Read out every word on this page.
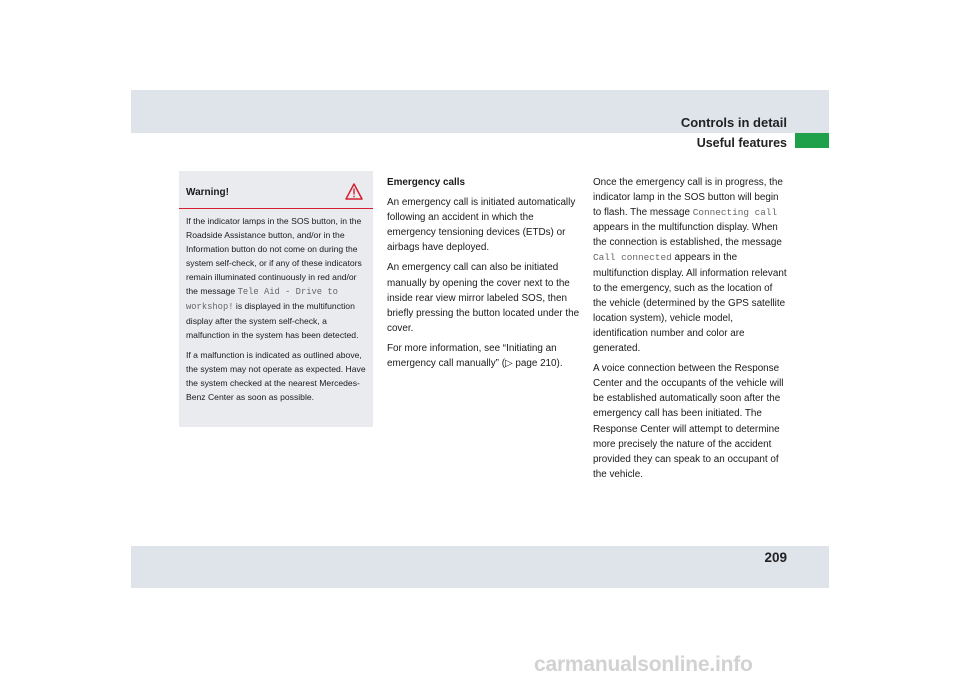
Controls in detail
Useful features
Warning!

If the indicator lamps in the SOS button, in the Roadside Assistance button, and/or in the Information button do not come on during the system self-check, or if any of these indicators remain illuminated continuously in red and/or the message Tele Aid - Drive to workshop! is displayed in the multifunction display after the system self-check, a malfunction in the system has been detected.

If a malfunction is indicated as outlined above, the system may not operate as expected. Have the system checked at the nearest Mercedes-Benz Center as soon as possible.

Emergency calls

An emergency call is initiated automatically following an accident in which the emergency tensioning devices (ETDs) or airbags have deployed.

An emergency call can also be initiated manually by opening the cover next to the inside rear view mirror labeled SOS, then briefly pressing the button located under the cover.

For more information, see “Initiating an emergency call manually” (▷ page 210).

Once the emergency call is in progress, the indicator lamp in the SOS button will begin to flash. The message Connecting call appears in the multifunction display. When the connection is established, the message Call connected appears in the multifunction display. All information relevant to the emergency, such as the location of the vehicle (determined by the GPS satellite location system), vehicle model, identification number and color are generated.

A voice connection between the Response Center and the occupants of the vehicle will be established automatically soon after the emergency call has been initiated. The Response Center will attempt to determine more precisely the nature of the accident provided they can speak to an occupant of the vehicle.

209
carmanualsonline.info
